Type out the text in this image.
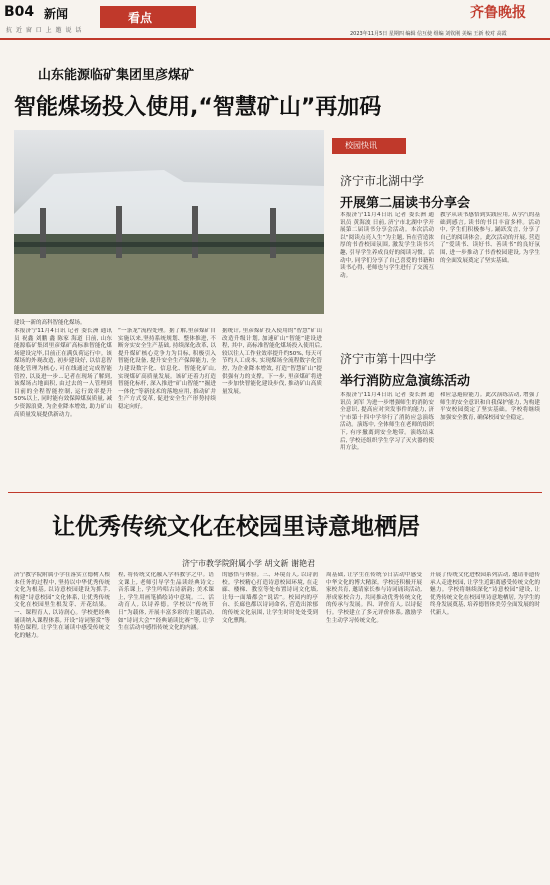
B04 新闻
抗 近 窗 口 上 邀 说 话
看点	齐鲁晚报
2023年11月5日 星期四 编辑 信互使 组编 刘钦刚 美编 王新 校对 高霞
山东能源临矿集团里彦煤矿
智能煤场投入使用,“智慧矿山”再加码
建设一新的高科智能化煤场。
本报济宁11月4日讯 记者 娄长洲 通讯员 祝鑫 刘鹏 鑫 陈家 海道 日前, 山东能源临矿集团里彦煤矿高标准智能化煤场建设完毕,目前正在满负荷运行中。该煤场的外观改造, 初步建设好, 以信息智能化管理为核心, 可在线通过完成智能管控, 以及进一步...记者在现场了解到,该煤场占地面积, 由过去的一人管理到目前的全程智能控制, 运行效率提升50%以上, 同时能有效保障煤炭质量, 减少资源浪费, 为企业降本增效, 助力矿山高质量发展提供新动力。
“一条龙”流程处理。据了解,里彦煤矿自实施以来,坚持系统规划、整体推进, 不断夯实安全生产基础, 持续深化改革, 以提升煤矿核心竞争力为目标, 积极引入智能化设备, 提升安全生产保障能力, 全力建设数字化、信息化、智能化矿山, 实现煤矿高质量发展。该矿还着力打造智能化标杆, 深入推进“矿山智能”“掘进一体化”等新技术的落地应用, 推动矿井生产方式变革, 促进安全生产形势持续稳定向好。
据统计, 里彦煤矿投入使用的“智慧”矿山改造升级计划, 加速矿山“智能”建设进程, 其中, 高标准智能化煤场投入使用后, 较以往人工作业效率提升约50%, 每天可节约人工成本, 实现煤场全流程数字化管控, 为企业降本增效, 打造“智慧矿山”提供强有力的支撑。下一步, 里彦煤矿将进一步加快智能化建设步伐, 推动矿山高质量发展。
校园快讯
济宁市北湖中学
开展第二届读书分享会
本报济宁11月4日讯 记者 娄长洲 通讯员 黄海波 日前, 济宁市北湖中学开展第二届读书分享会活动。本次活动以“阅读点亮人生”为主题, 旨在营造浓厚的书香校园氛围, 激发学生读书兴趣, 引导学生养成良好的阅读习惯。活动中, 同学们分享了自己喜爱的书籍和读书心得, 老师也与学生进行了交流互动。
教学从读书感悟到实践应用, 从学汽的基础到感言, 读书的书目丰富多样。活动中, 学生们积极参与, 踊跃发言, 分享了自己的阅读体会。此次活动的开展, 营造了“爱读书、读好书、善读书”的良好氛围, 进一步推动了书香校园建设, 为学生的全面发展奠定了坚实基础。
济宁市第十四中学
举行消防应急演练活动
本报济宁11月4日讯 记者 娄长洲 通讯员 刘军 为进一步增强师生的消防安全意识, 提高应对突发事件的能力, 济宁市第十四中学举行了消防应急演练活动。演练中, 全体师生在老师的组织下, 有序撤离到安全地带。演练结束后, 学校还组织学生学习了灭火器的使用方法。
和应急避险能力。此次演练活动, 增强了师生的安全意识和自我保护能力, 为构建平安校园奠定了坚实基础。学校将继续加强安全教育, 确保校园安全稳定。
让优秀传统文化在校园里诗意地栖居
济宁市教学院附属小学 胡文新 谢艳君
济宁教学院附属小学在落实立德树人根本任务的过程中, 坚持以中华优秀传统文化为根基, 以诗意校园建设为抓手, 构建“诗意校园”文化体系, 让优秀传统文化在校园里生根发芽、开花结果。一、课程育人, 以诗润心。学校把经典诵读纳入课程体系, 开设“诗词鉴赏”等特色课程, 让学生在诵读中感受传统文化的魅力。
程, 将传统文化融入学科教学之中。语文课上, 老师引导学生品读经典诗文; 音乐课上, 学生吟唱古诗新韵; 美术课上, 学生用画笔描绘诗中意境。二、活动育人, 以诗养德。学校以“传统节日”为载体, 开展丰富多彩的主题活动, 如“诗词大会”“经典诵读比赛”等, 让学生在活动中感悟传统文化的内涵。
的感悟与体验。三、环境育人, 以诗润校。学校精心打造诗意校园环境, 在走廊、楼梯、教室等处布置诗词文化墙, 让每一面墙都会“说话”。校园内的亭台、长廊也都以诗词命名, 营造出浓郁的传统文化氛围, 让学生时时处处受到文化熏陶。
周基础, 让学生在传统节日活动中感受中华文化的博大精深。学校还积极开展家校共育, 邀请家长参与诗词诵读活动, 形成家校合力, 共同推动优秀传统文化的传承与发展。四、评价育人, 以诗促行。学校建立了多元评价体系, 激励学生主动学习传统文化。
开展了传统文化进校园系列活动, 邀请非遗传承人走进校园, 让学生近距离感受传统文化的魅力。学校将继续深化“诗意校园”建设, 让优秀传统文化在校园里诗意地栖居, 为学生的终身发展奠基, 培养德智体美劳全面发展的时代新人。
